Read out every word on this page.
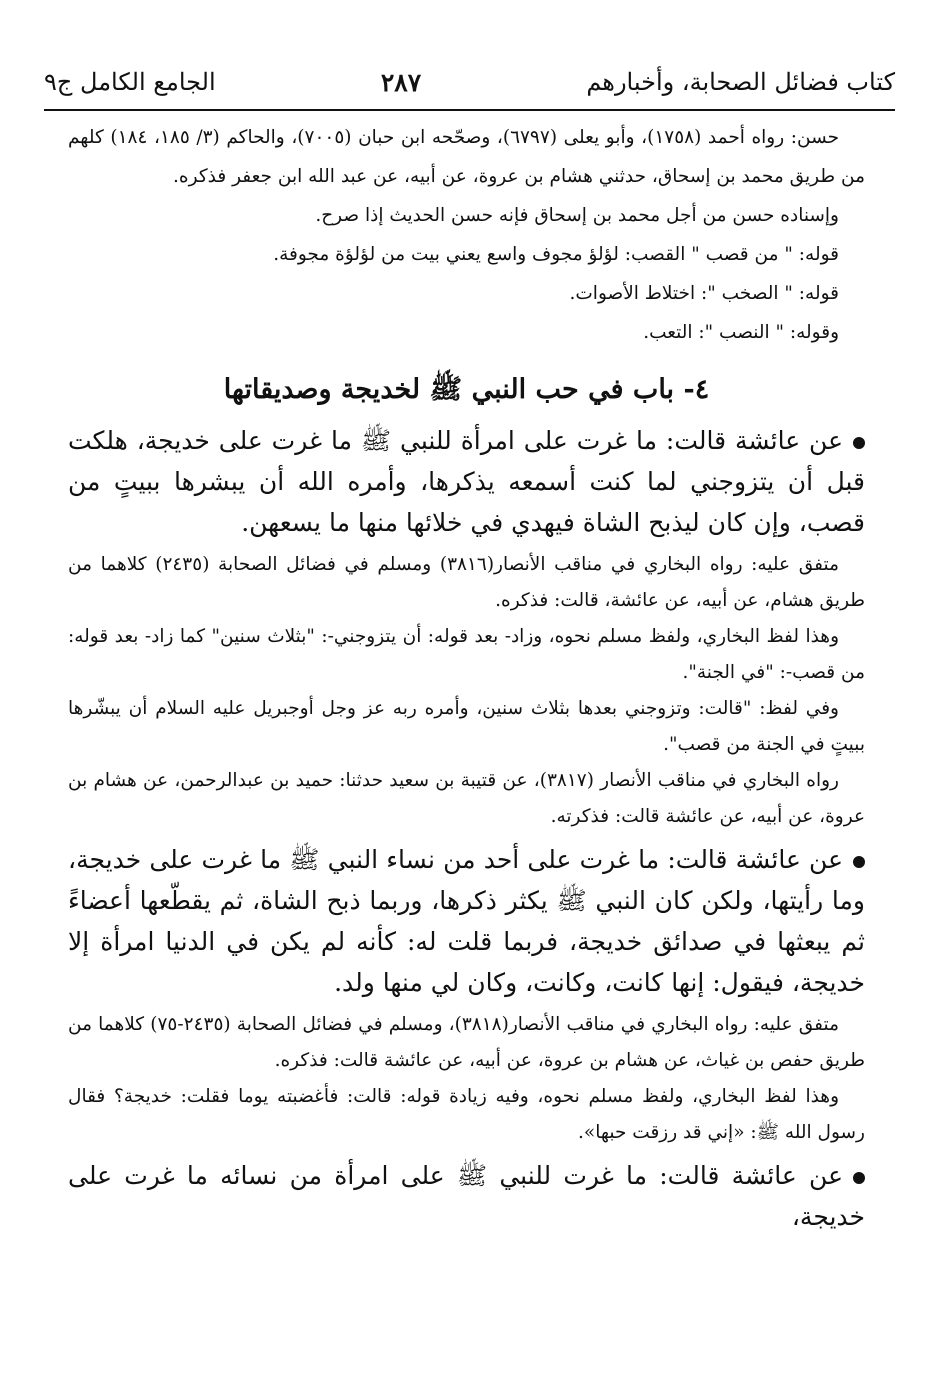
كتاب فضائل الصحابة، وأخبارهم
٢٨٧
الجامع الكامل ج٩

حسن: رواه أحمد (١٧٥٨)، وأبو يعلى (٦٧٩٧)، وصحّحه ابن حبان (٧٠٠٥)، والحاكم (٣/ ١٨٥، ١٨٤) كلهم من طريق محمد بن إسحاق، حدثني هشام بن عروة، عن أبيه، عن عبد الله ابن جعفر فذكره.

وإسناده حسن من أجل محمد بن إسحاق فإنه حسن الحديث إذا صرح.

قوله: " من قصب " القصب: لؤلؤ مجوف واسع يعني بيت من لؤلؤة مجوفة.

قوله: " الصخب ": اختلاط الأصوات.

وقوله: " النصب ": التعب.

٤- باب في حب النبي ﷺ لخديجة وصديقاتها

عن عائشة قالت: ما غرت على امرأة للنبي ﷺ ما غرت على خديجة، هلكت قبل أن يتزوجني لما كنت أسمعه يذكرها، وأمره الله أن يبشرها ببيتٍ من قصب، وإن كان ليذبح الشاة فيهدي في خلائها منها ما يسعهن.

متفق عليه: رواه البخاري في مناقب الأنصار(٣٨١٦) ومسلم في فضائل الصحابة (٢٤٣٥) كلاهما من طريق هشام، عن أبيه، عن عائشة، قالت: فذكره.

وهذا لفظ البخاري، ولفظ مسلم نحوه، وزاد- بعد قوله: أن يتزوجني-: "بثلاث سنين" كما زاد- بعد قوله: من قصب-: "في الجنة".

وفي لفظ: "قالت: وتزوجني بعدها بثلاث سنين، وأمره ربه عز وجل أوجبريل عليه السلام أن يبشّرها ببيتٍ في الجنة من قصب".

رواه البخاري في مناقب الأنصار (٣٨١٧)، عن قتيبة بن سعيد حدثنا: حميد بن عبدالرحمن، عن هشام بن عروة، عن أبيه، عن عائشة قالت: فذكرته.

عن عائشة قالت: ما غرت على أحد من نساء النبي ﷺ ما غرت على خديجة، وما رأيتها، ولكن كان النبي ﷺ يكثر ذكرها، وربما ذبح الشاة، ثم يقطّعها أعضاءً ثم يبعثها في صدائق خديجة، فربما قلت له: كأنه لم يكن في الدنيا امرأة إلا خديجة، فيقول: إنها كانت، وكانت، وكان لي منها ولد.

متفق عليه: رواه البخاري في مناقب الأنصار(٣٨١٨)، ومسلم في فضائل الصحابة (٢٤٣٥-٧٥) كلاهما من طريق حفص بن غياث، عن هشام بن عروة، عن أبيه، عن عائشة قالت: فذكره.

وهذا لفظ البخاري، ولفظ مسلم نحوه، وفيه زيادة قوله: قالت: فأغضبته يوما فقلت: خديجة؟ فقال رسول الله ﷺ: «إني قد رزقت حبها».

عن عائشة قالت: ما غرت للنبي ﷺ على امرأة من نسائه ما غرت على خديجة،
